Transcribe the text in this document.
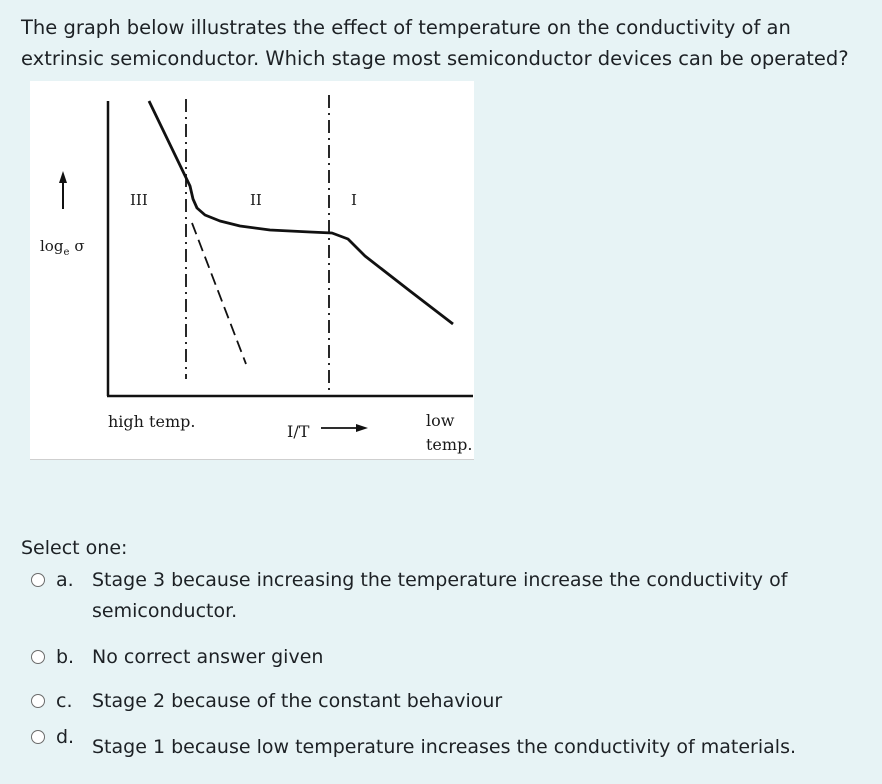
The graph below illustrates the effect of temperature on the conductivity of an extrinsic semiconductor. Which stage most semiconductor devices can be operated?

$\log_e \sigma$
III	II	I
high temp.
I/T
low
temp.
Select one:
a. Stage 3 because increasing the temperature increase the conductivity of semiconductor.
b. No correct answer given
c. Stage 2 because of the constant behaviour
d. Stage 1 because low temperature increases the conductivity of materials.
